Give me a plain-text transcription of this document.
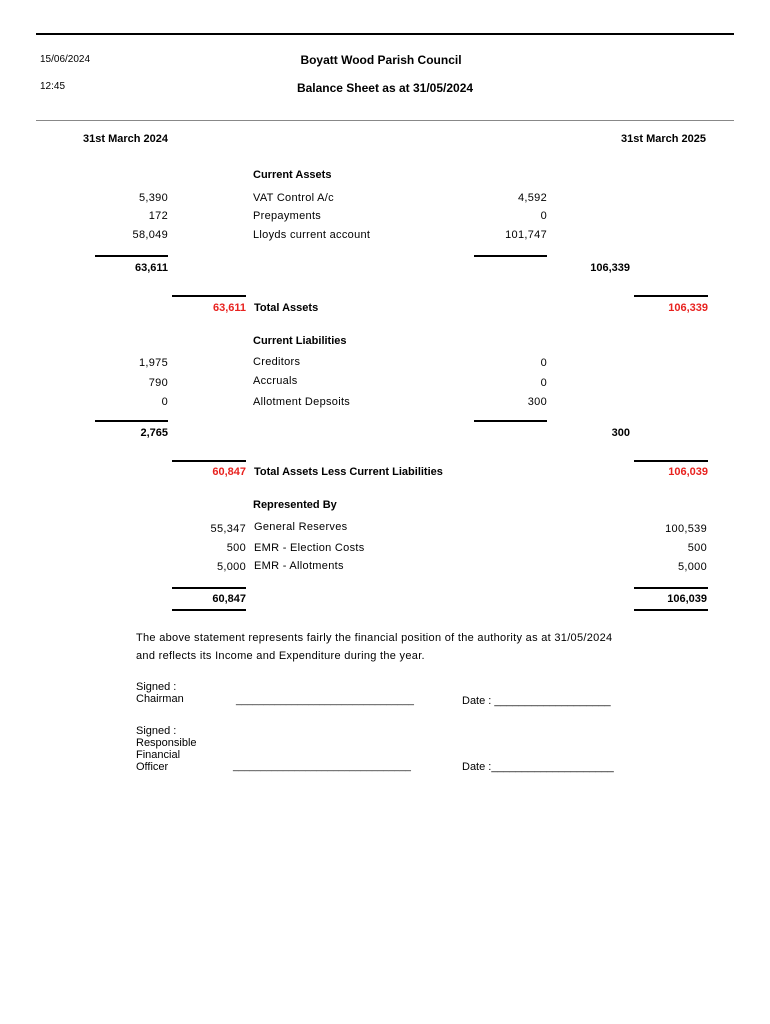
15/06/2024
12:45
Boyatt Wood Parish Council
Balance Sheet as at 31/05/2024
31st March 2024	31st March 2025
Current Assets
5,390	VAT Control A/c	4,592
172	Prepayments	0
58,049	Lloyds current account	101,747
63,611	106,339
63,611 Total Assets	106,339
Current Liabilities
1,975	Creditors	0
790	Accruals	0
0	Allotment Depsoits	300
2,765	300
60,847 Total Assets Less Current Liabilities	106,039
Represented By
55,347 General Reserves	100,539
500 EMR - Election Costs	500
5,000 EMR - Allotments	5,000
60,847	106,039
The above statement represents fairly the financial position of the authority as at 31/05/2024
and reflects its Income and Expenditure during the year.
Signed :
Chairman	________________________________	Date : ___________________
Signed :
Responsible
Financial
Officer	________________________________	Date :____________________
